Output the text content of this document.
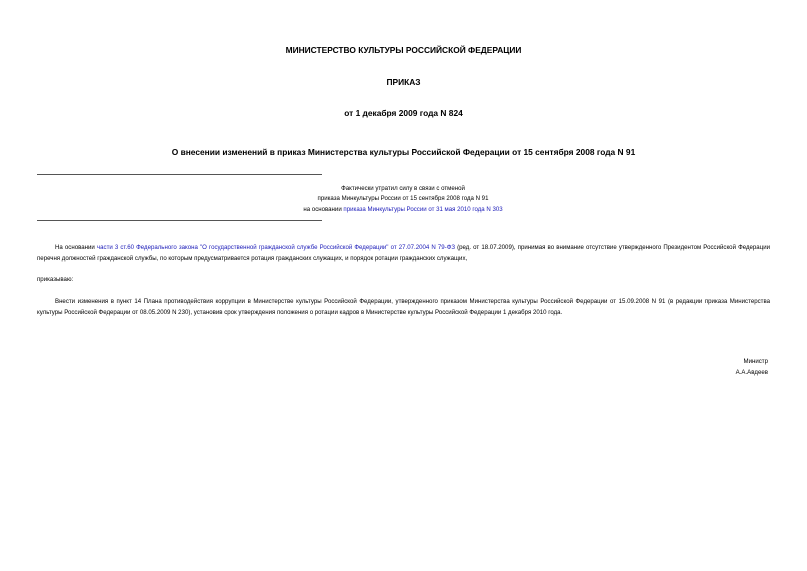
МИНИСТЕРСТВО КУЛЬТУРЫ РОССИЙСКОЙ ФЕДЕРАЦИИ
ПРИКАЗ
от 1 декабря 2009 года N 824
О внесении изменений в приказ Министерства культуры Российской Федерации от 15 сентября 2008 года N 91
Фактически утратил силу в связи с отменой
приказа Минкультуры России от 15 сентября 2008 года N 91
на основании приказа Минкультуры России от 31 мая 2010 года N 303

На основании части 3 ст.60 Федерального закона "О государственной гражданской службе Российской Федерации" от 27.07.2004 N 79-ФЗ (ред. от 18.07.2009), принимая во внимание отсутствие утвержденного Президентом Российской Федерации перечня должностей гражданской службы, по которым предусматривается ротация гражданских служащих, и порядок ротации гражданских служащих,

приказываю:

Внести изменения в пункт 14 Плана противодействия коррупции в Министерстве культуры Российской Федерации, утвержденного приказом Министерства культуры Российской Федерации от 15.09.2008 N 91 (в редакции приказа Министерства культуры Российской Федерации от 08.05.2009 N 230), установив срок утверждения положения о ротации кадров в Министерстве культуры Российской Федерации 1 декабря 2010 года.

Министр
А.А.Авдеев
